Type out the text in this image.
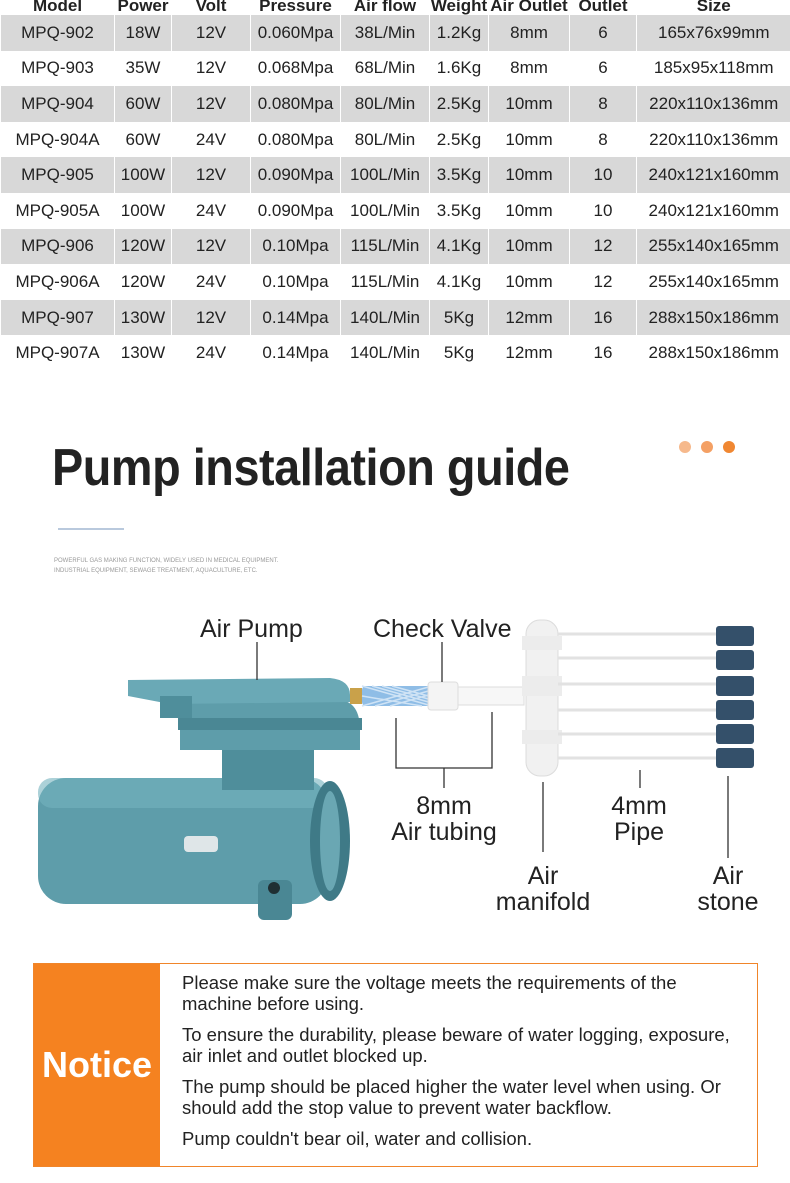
Model	Power	Volt	Pressure	Air flow	Weight	Air Outlet	Outlet	Size
MPQ-902	18W	12V	0.060Mpa	38L/Min	1.2Kg	8mm	6	165x76x99mm
MPQ-903	35W	12V	0.068Mpa	68L/Min	1.6Kg	8mm	6	185x95x118mm
MPQ-904	60W	12V	0.080Mpa	80L/Min	2.5Kg	10mm	8	220x110x136mm
MPQ-904A	60W	24V	0.080Mpa	80L/Min	2.5Kg	10mm	8	220x110x136mm
MPQ-905	100W	12V	0.090Mpa	100L/Min	3.5Kg	10mm	10	240x121x160mm
MPQ-905A	100W	24V	0.090Mpa	100L/Min	3.5Kg	10mm	10	240x121x160mm
MPQ-906	120W	12V	0.10Mpa	115L/Min	4.1Kg	10mm	12	255x140x165mm
MPQ-906A	120W	24V	0.10Mpa	115L/Min	4.1Kg	10mm	12	255x140x165mm
MPQ-907	130W	12V	0.14Mpa	140L/Min	5Kg	12mm	16	288x150x186mm
MPQ-907A	130W	24V	0.14Mpa	140L/Min	5Kg	12mm	16	288x150x186mm
Pump installation guide
POWERFUL GAS MAKING FUNCTION, WIDELY USED IN MEDICAL EQUIPMENT.
INDUSTRIAL EQUIPMENT, SEWAGE TREATMENT, AQUACULTURE, ETC.
Air Pump	Check Valve
8mm
Air tubing
4mm
Pipe
Air
manifold
Air
stone
Notice
Please make sure the voltage meets the requirements of the machine before using.
To ensure the durability, please beware of water logging, exposure, air inlet and outlet blocked up.
The pump should be placed higher the water level when using. Or should add the stop value to prevent water backflow.
Pump couldn't bear oil, water and collision.
